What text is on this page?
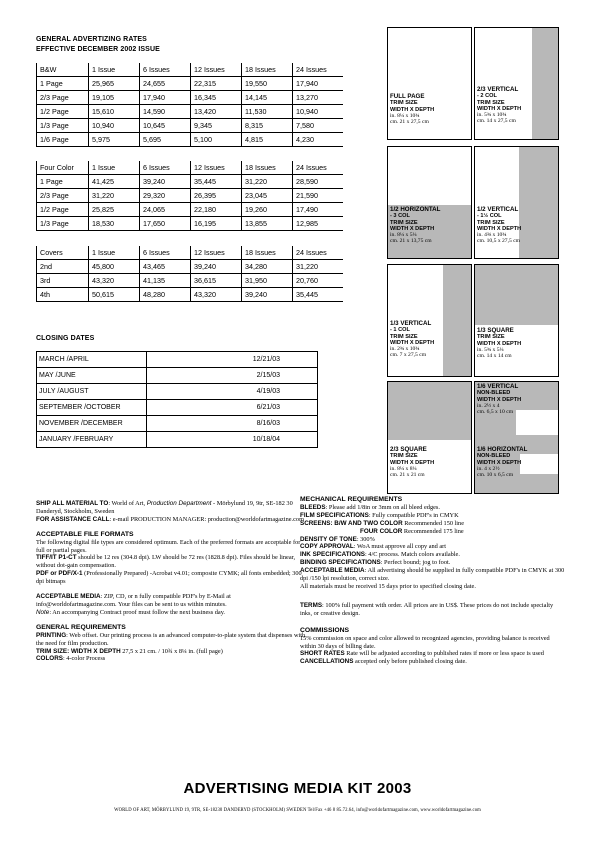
GENERAL ADVERTIZING RATES
EFFECTIVE DECEMBER 2002 ISSUE
B&W	1 Issue	6 Issues	12 Issues	18 Issues	24 Issues
1 Page	25,965	24,655	22,315	19,550	17,940
2/3 Page	19,105	17,940	16,345	14,145	13,270
1/2 Page	15,610	14,590	13,420	11,530	10,940
1/3 Page	10,940	10,645	9,345	8,315	7,580
1/6 Page	5,975	5,695	5,100	4,815	4,230
Four Color	1 Issue	6 Issues	12 Issues	18 Issues	24 Issues
1 Page	41,425	39,240	35,445	31,220	28,590
2/3 Page	31,220	29,320	26,395	23,045	21,590
1/2 Page	25,825	24,065	22,180	19,260	17,490
1/3 Page	18,530	17,650	16,195	13,855	12,985
Covers	1 Issue	6 Issues	12 Issues	18 Issues	24 Issues
2nd	45,800	43,465	39,240	34,280	31,220
3rd	43,320	41,135	36,615	31,950	20,760
4th	50,615	48,280	43,320	39,240	35,445
CLOSING DATES
MARCH /APRIL	12/21/03
MAY /JUNE	2/15/03
JULY /AUGUST	4/19/03
SEPTEMBER /OCTOBER	6/21/03
NOVEMBER /DECEMBER	8/16/03
JANUARY /FEBRUARY	10/18/04
FULL PAGE
TRIM SIZE
WIDTH X DEPTH
in. 8¼ x 10¾
cm. 21 x 27,5 cm
2/3 VERTICAL
- 2 COL
TRIM SIZE
WIDTH X DEPTH
in. 5¾ x 10¾
cm. 14 x 27,5 cm
1/2 HORIZONTAL
- 3 COL
TRIM SIZE
WIDTH X DEPTH
in. 8¼ x 5¼
cm. 21 x 13,75 cm
1/2 VERTICAL
- 1½ COL
TRIM SIZE
WIDTH X DEPTH
in. 4⅜ x 10¾
cm. 10,5 x 27,5 cm
1/3 VERTICAL
- 1 COL
TRIM SIZE
WIDTH X DEPTH
in. 2¾ x 10¾
cm. 7 x 27,5 cm
1/3 SQUARE
TRIM SIZE
WIDTH X DEPTH
in. 5¾ x 5¼
cm. 14 x 14 cm
2/3 SQUARE
TRIM SIZE
WIDTH X DEPTH
in. 8¼ x 8¼
cm. 21 x 21 cm
1/6 VERTICAL
NON-BLEED
WIDTH X DEPTH
in. 2½ x 4
cm. 6,5 x 10 cm
1/6 HORIZONTAL
NON-BLEED
WIDTH X DEPTH
in. 4 x 2½
cm. 10 x 6,5 cm

SHIP ALL MATERIAL TO: World of Art, Production Department - Mörbylund 19, 9tr, SE-182 30 Danderyd, Stockholm, Sweden

FOR ASSISTANCE CALL: e-mail PRODUCTION MANAGER: production@worldofartmagazine.com

ACCEPTABLE FILE FORMATS

The following digital file types are considered optimum. Each of the preferred formats are acceptable for full or partial pages.

TIFF/IT P1-CT should be 12 res (304.8 dpi). LW should be 72 res (1828.8 dpi). Files should be linear, without dot-gain compensation.

PDF or PDF/X-1 (Professionally Prepared) -Acrobat v4.01; composite CYMK; all fonts embedded; 300 dpi bitmaps

ACCEPTABLE MEDIA: ZIP, CD, or n fully compatible PDF's by E-Mail at info@worldofartmagazine.com. Your files can be sent to us within minutes.

Note: An accompanying Contract proof must follow the next business day.

GENERAL REQUIREMENTS

PRINTING: Web offset. Our printing process is an advanced computer-to-plate system that dispenses with the need for film production.

TRIM SIZE: WIDTH X DEPTH 27,5 x 21 cm. / 10¾ x 8¼ in. (full page)

COLORS: 4-color Process

MECHANICAL REQUIREMENTS

BLEEDS: Please add 1/8in or 3mm on all bleed edges.

FILM SPECIFICATIONS: Fully compatible PDF's in CMYK

SCREENS: B/W AND TWO COLOR Recommended 150 line

FOUR COLOR Recommended 175 line

DENSITY OF TONE: 300%

COPY APPROVAL: WoA must approve all copy and art

INK SPECIFICATIONS: 4/C process. Match colors available.

BINDING SPECIFICATIONS: Perfect bound; jog to foot.

ACCEPTABLE MEDIA: All advertising should be supplied in fully compatible PDF's in CMYK at 300 dpi /150 lpi resolution, correct size.

All materials must be received 15 days prior to specified closing date.

TERMS: 100% full payment with order. All prices are in US$. These prices do not include specialty inks, or creative design.

COMMISSIONS

15% commission on space and color allowed to recognized agencies, providing balance is received within 30 days of billing date.

SHORT RATES Rate will be adjusted according to published rates if more or less space is used

CANCELLATIONS accepted only before published closing date.

ADVERTISING MEDIA KIT 2003
WORLD OF ART, MÖRBYLUND 19, 9TR, SE-18230 DANDERYD (STOCKHOLM) SWEDEN Tel/Fax +46 8 85.72.64, info@worldofartmagazine.com, www.worldofartmagazine.com
